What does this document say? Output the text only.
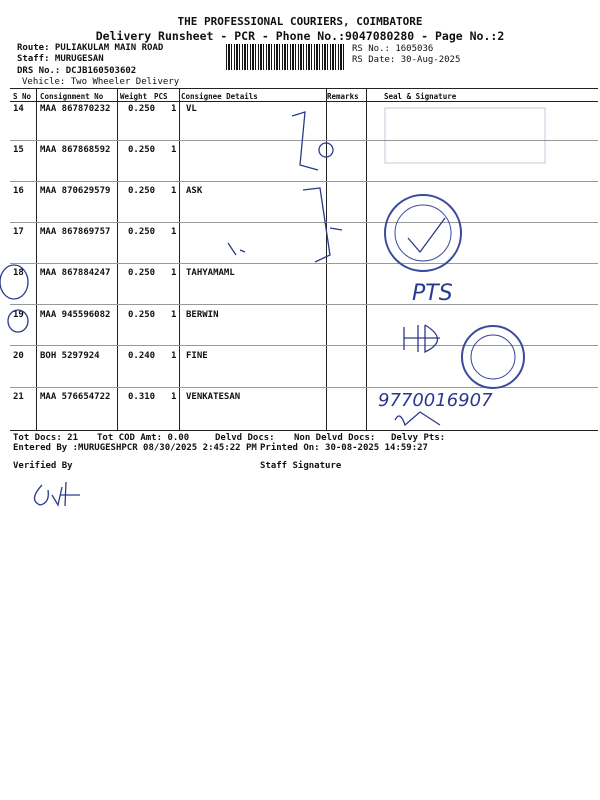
THE PROFESSIONAL COURIERS, COIMBATORE
Delivery Runsheet - PCR - Phone No.:9047080280 - Page No.:2
Route: PULIAKULAM MAIN ROAD
Staff: MURUGESAN
DRS No.: DCJB160503602
Vehicle: Two Wheeler Delivery
RS No.: 1605036
RS Date: 30-Aug-2025
S No Consignment No Weight PCS Consignee Details	Remarks	Seal & Signature
14 MAA 867870232 0.250 1 VL
15 MAA 867868592 0.250 1
16 MAA 870629579 0.250 1 ASK
17 MAA 867869757 0.250 1
18 MAA 867884247 0.250 1 TAHYAMAML
19 MAA 945596082 0.250 1 BERWIN
20 BOH 5297924	0.240 1 FINE
21 MAA 576654722 0.310 1 VENKATESAN
Tot Docs: 21 Tot COD Amt: 0.00	Delvd Docs: Non Delvd Docs: Delvy Pts:
Entered By :MURUGESHPCR 08/30/2025 2:45:22 PM Printed On: 30-08-2025 14:59:27
Verified By	Staff Signature
PTS
9770016907
